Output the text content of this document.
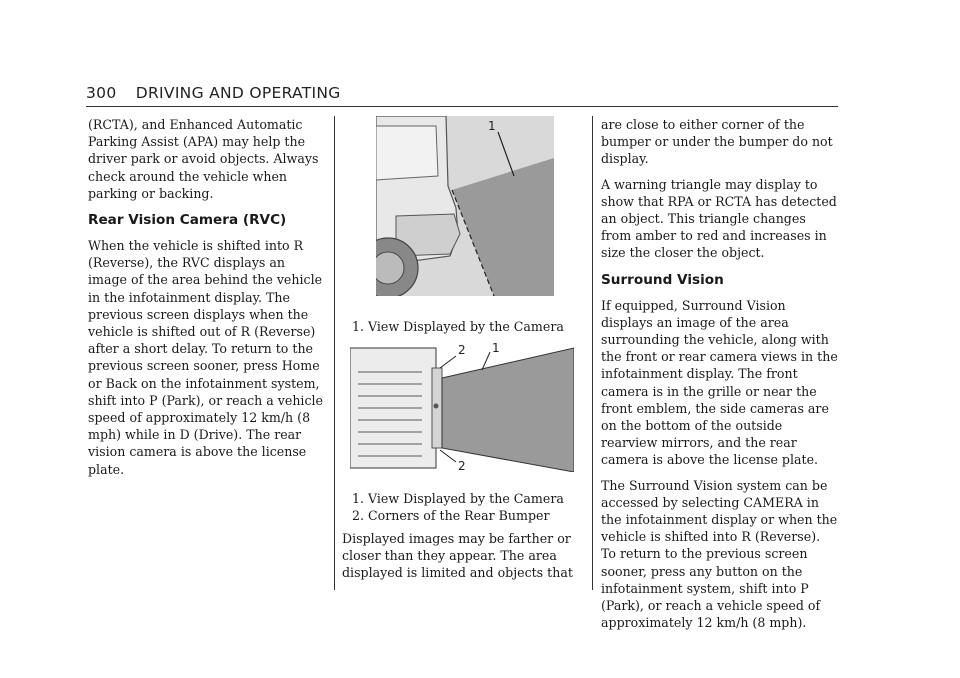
300 DRIVING AND OPERATING

(RCTA), and Enhanced Automatic Parking Assist (APA) may help the driver park or avoid objects. Always check around the vehicle when parking or backing.

Rear Vision Camera (RVC)

When the vehicle is shifted into R (Reverse), the RVC displays an image of the area behind the vehicle in the infotainment display. The previous screen displays when the vehicle is shifted out of R (Reverse) after a short delay. To return to the previous screen sooner, press Home or Back on the infotainment system, shift into P (Park), or reach a vehicle speed of approximately 12 km/h (8 mph) while in D (Drive). The rear vision camera is above the license plate.

1
1. View Displayed by the Camera
2 1
2
1. View Displayed by the Camera
2. Corners of the Rear Bumper

Displayed images may be farther or closer than they appear. The area displayed is limited and objects that

are close to either corner of the bumper or under the bumper do not display.

A warning triangle may display to show that RPA or RCTA has detected an object. This triangle changes from amber to red and increases in size the closer the object.

Surround Vision

If equipped, Surround Vision displays an image of the area surrounding the vehicle, along with the front or rear camera views in the infotainment display. The front camera is in the grille or near the front emblem, the side cameras are on the bottom of the outside rearview mirrors, and the rear camera is above the license plate.

The Surround Vision system can be accessed by selecting CAMERA in the infotainment display or when the vehicle is shifted into R (Reverse). To return to the previous screen sooner, press any button on the infotainment system, shift into P (Park), or reach a vehicle speed of approximately 12 km/h (8 mph).
